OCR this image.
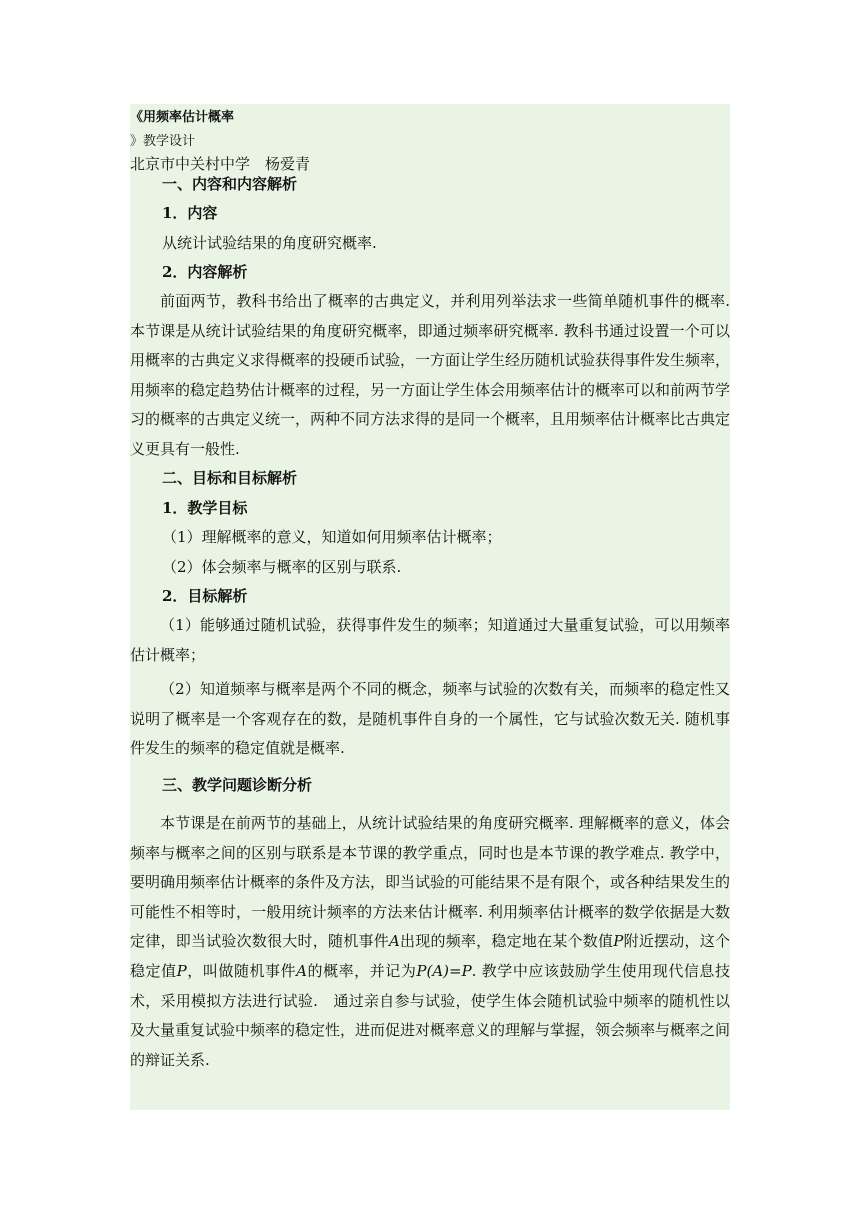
《用频率估计概率
》教学设计
北京市中关村中学　杨爱青
一、内容和内容解析
1．内容
从统计试验结果的角度研究概率.
2．内容解析

前面两节，教科书给出了概率的古典定义，并利用列举法求一些简单随机事件的概率. 本节课是从统计试验结果的角度研究概率，即通过频率研究概率. 教科书通过设置一个可以用概率的古典定义求得概率的投硬币试验，一方面让学生经历随机试验获得事件发生频率，用频率的稳定趋势估计概率的过程，另一方面让学生体会用频率估计的概率可以和前两节学习的概率的古典定义统一，两种不同方法求得的是同一个概率，且用频率估计概率比古典定义更具有一般性.

二、目标和目标解析
1．教学目标
（1）理解概率的意义，知道如何用频率估计概率；
（2）体会频率与概率的区别与联系.
2．目标解析

（1）能够通过随机试验，获得事件发生的频率；知道通过大量重复试验，可以用频率估计概率；

（2）知道频率与概率是两个不同的概念，频率与试验的次数有关，而频率的稳定性又说明了概率是一个客观存在的数，是随机事件自身的一个属性，它与试验次数无关. 随机事件发生的频率的稳定值就是概率.

三、教学问题诊断分析

本节课是在前两节的基础上，从统计试验结果的角度研究概率. 理解概率的意义，体会频率与概率之间的区别与联系是本节课的教学重点，同时也是本节课的教学难点. 教学中，要明确用频率估计概率的条件及方法，即当试验的可能结果不是有限个，或各种结果发生的可能性不相等时，一般用统计频率的方法来估计概率. 利用频率估计概率的数学依据是大数定律，即当试验次数很大时，随机事件A出现的频率，稳定地在某个数值P附近摆动，这个稳定值P，叫做随机事件A的概率，并记为P(A)=P. 教学中应该鼓励学生使用现代信息技术，采用模拟方法进行试验.　通过亲自参与试验，使学生体会随机试验中频率的随机性以及大量重复试验中频率的稳定性，进而促进对概率意义的理解与掌握，领会频率与概率之间的辩证关系.
